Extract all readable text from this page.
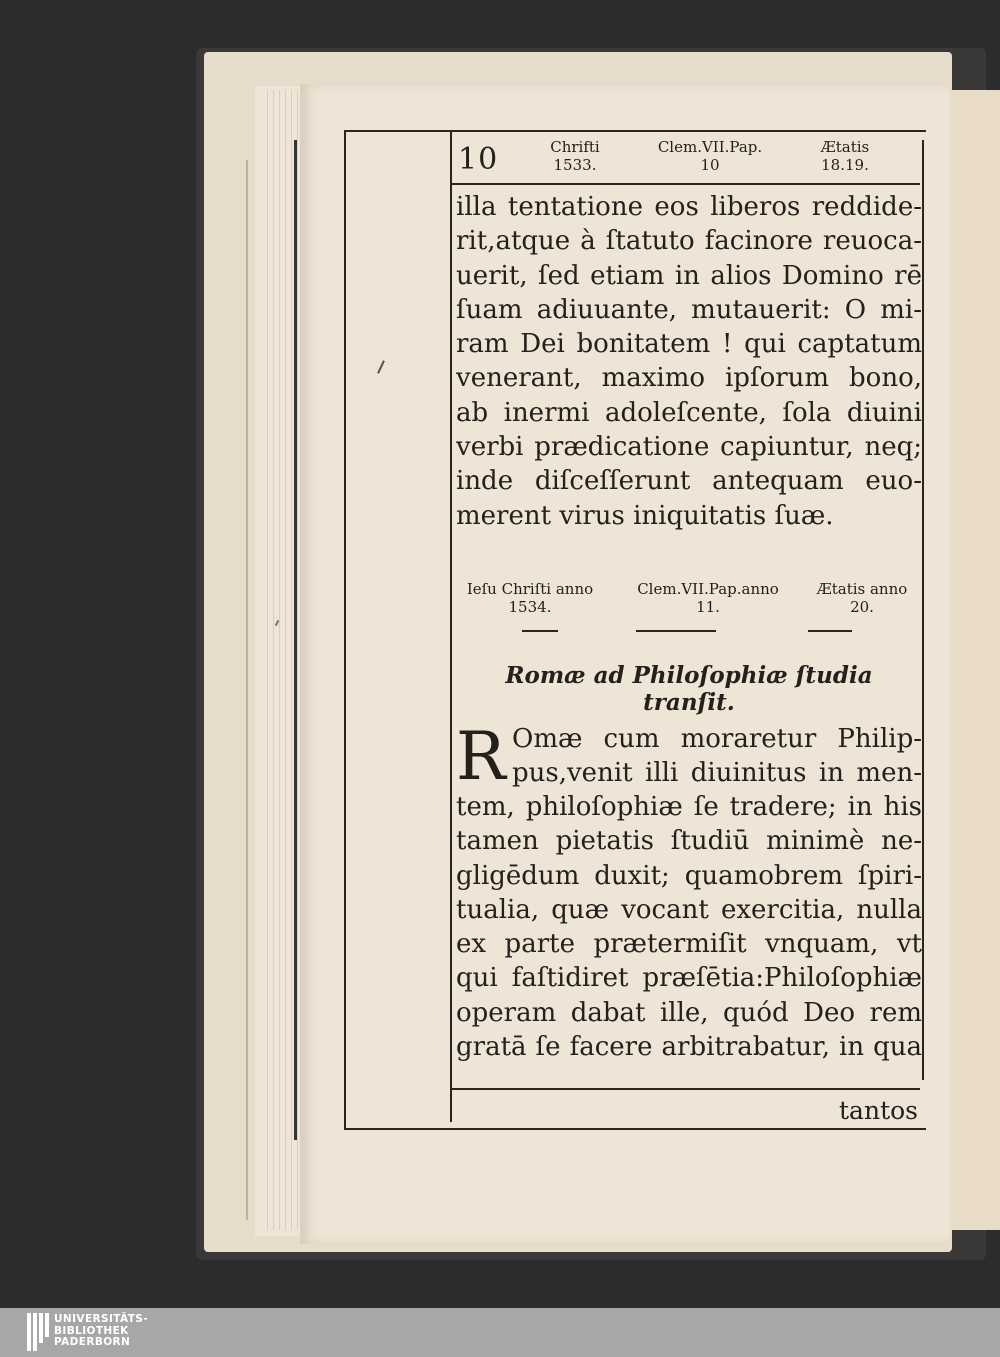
10	Chrifti
1533.
Clem.VII.Pap.
10
Ætatis
18.19.
illa tentatione eos liberos reddide-
rit,atque à ſtatuto facinore reuoca-
uerit, ſed etiam in alios Domino rē
ſuam adiuuante, mutauerit: O mi-
ram Dei bonitatem ! qui captatum
venerant, maximo ipſorum bono,
ab inermi adoleſcente, ſola diuini
verbi prædicatione capiuntur, neq;
inde diſceſſerunt antequam euo-
merent virus iniquitatis ſuæ.
Ieſu Chriſti anno
1534.
Clem.VII.Pap.anno
11.
Ætatis anno
20.
Romæ ad Philoſophiæ ſtudia tranſit.
R Omæ cum moraretur Philip-
pus,venit illi diuinitus in men-
tem, philoſophiæ ſe tradere; in his
tamen pietatis ſtudiū minimè ne-
gligēdum duxit; quamobrem ſpiri-
tualia, quæ vocant exercitia, nulla
ex parte prætermiſit vnquam, vt
qui faſtidiret præſētia:Philoſophiæ
operam dabat ille, quód Deo rem
gratā ſe facere arbitrabatur, in qua
tantos
UNIVERSITÄTS-
BIBLIOTHEK
PADERBORN
